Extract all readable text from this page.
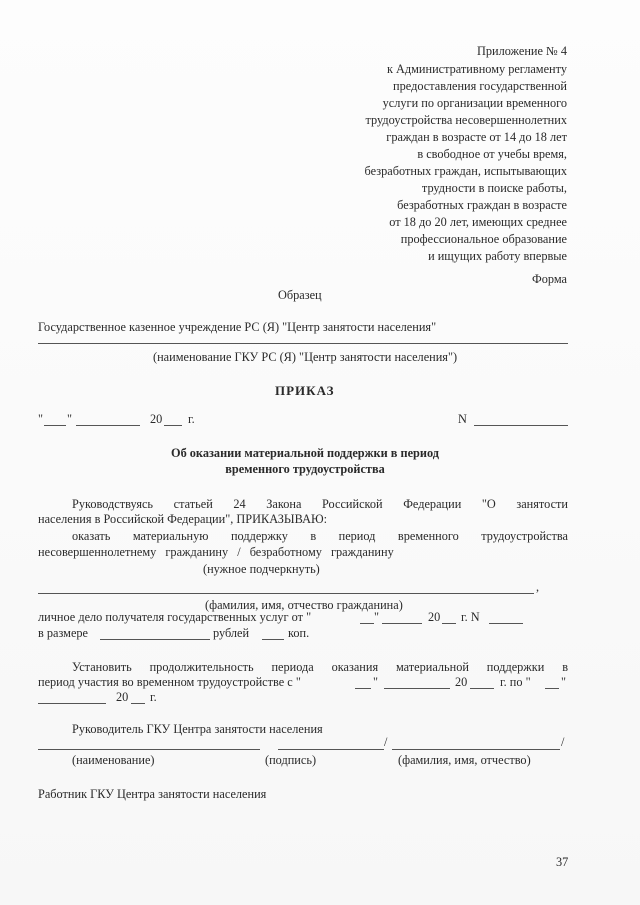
Приложение № 4
к Административному регламенту
предоставления государственной
услуги по организации временного
трудоустройства несовершеннолетних
граждан в возрасте от 14 до 18 лет
в свободное от учебы время,
безработных граждан, испытывающих
трудности в поиске работы,
безработных граждан в возрасте
от 18 до 20 лет, имеющих среднее
профессиональное образование
и ищущих работу впервые
Форма
Образец
Государственное казенное учреждение РС (Я) "Центр занятости населения"
(наименование ГКУ РС (Я) "Центр занятости населения")
ПРИКАЗ
" "	20 г.	N
Об оказании материальной поддержки в период
временного трудоустройства
Руководствуясь статьей 24 Закона Российской Федерации "О занятости
населения в Российской Федерации", ПРИКАЗЫВАЮ:
оказать материальную поддержку в период временного трудоустройства
несовершеннолетнему гражданину / безработному гражданину
(нужное подчеркнуть)
,
(фамилия, имя, отчество гражданина)
личное дело получателя государственных услуг от "	"	20 г. N
в размере	рублей	коп.
Установить продолжительность периода оказания материальной поддержки в
период участия во временном трудоустройстве с "	"	20	г. по " "
20 г.
Руководитель ГКУ Центра занятости населения
/	/
(наименование)	(подпись)	(фамилия, имя, отчество)
Работник ГКУ Центра занятости населения
37
